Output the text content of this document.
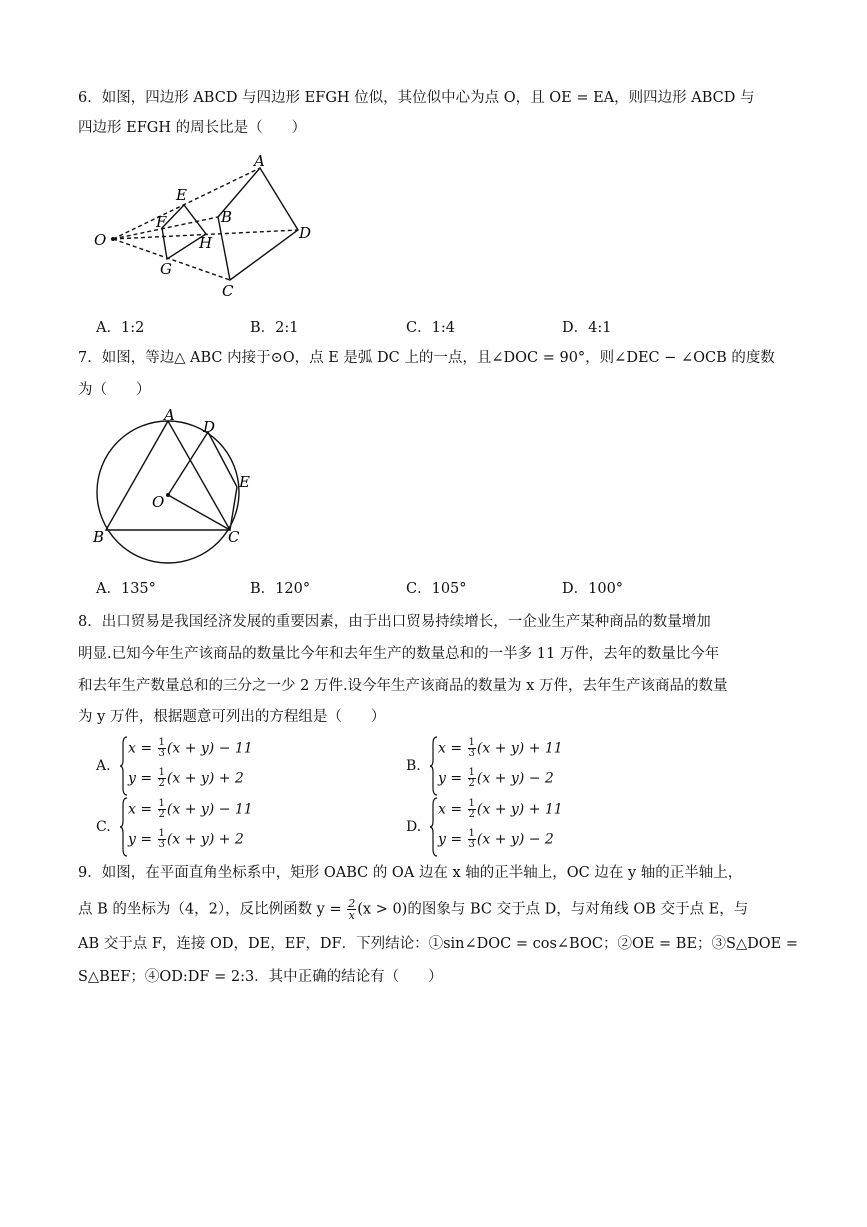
6．如图，四边形 ABCD 与四边形 EFGH 位似，其位似中心为点 O，且 OE = EA，则四边形 ABCD 与
四边形 EFGH 的周长比是（　　）
A
B
C
D
E
F
G
H
O
A．1:2	B．2:1	C．1:4	D．4:1
7．如图，等边△ ABC 内接于⊙O，点 E 是弧 DC 上的一点，且∠DOC = 90°，则∠DEC − ∠OCB 的度数
为（　　）
A
B	C
D
E
O
A．135°	B．120°	C．105°	D．100°
8．出口贸易是我国经济发展的重要因素，由于出口贸易持续增长，一企业生产某种商品的数量增加
明显.已知今年生产该商品的数量比今年和去年生产的数量总和的一半多 11 万件，去年的数量比今年
和去年生产数量总和的三分之一少 2 万件.设今年生产该商品的数量为 x 万件，去年生产该商品的数量
为 y 万件，根据题意可列出的方程组是（　　）
A.
$x = \frac{1}{3} (x + y) - 11$
$y = \frac{1}{2} (x + y) + 2$
B.
$x = \frac{1}{3} (x + y) + 11$
$y = \frac{1}{2} (x + y) - 2$
C.
$x = \frac{1}{2} (x + y) - 11$
$y = \frac{1}{3} (x + y) + 2$
D.
$x = \frac{1}{2} (x + y) + 11$
$y = \frac{1}{3} (x + y) - 2$
9．如图，在平面直角坐标系中，矩形 OABC 的 OA 边在 x 轴的正半轴上，OC 边在 y 轴的正半轴上，
点 B 的坐标为（4，2），反比例函数 $y = \frac{2}{x} (x > 0)$的图象与 BC 交于点 D，与对角线 OB 交于点 E，与
AB 交于点 F，连接 OD，DE，EF，DF．下列结论：①sin∠DOC = cos∠BOC；②OE = BE；③S△DOE =
S△BEF；④OD:DF = 2:3．其中正确的结论有（　　）
